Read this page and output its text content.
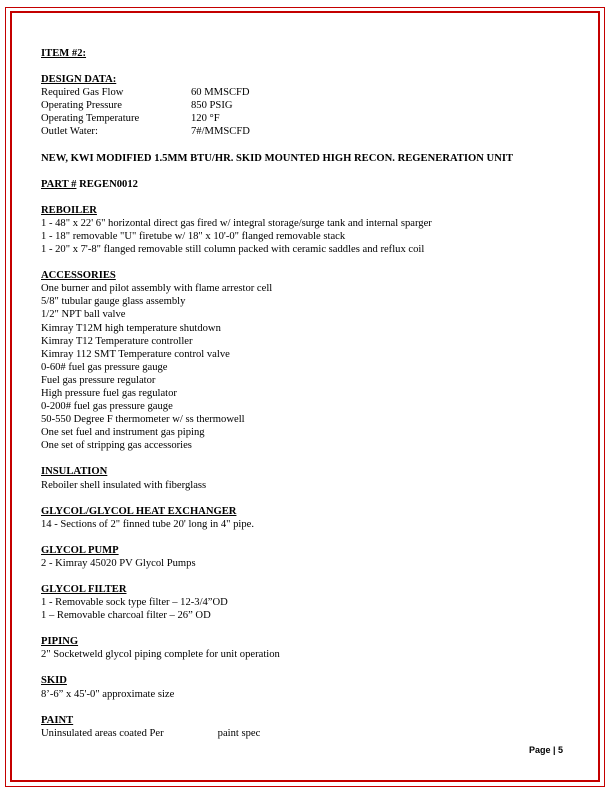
ITEM #2:
DESIGN DATA:
Required Gas Flow	60 MMSCFD
Operating Pressure	850 PSIG
Operating Temperature	120 °F
Outlet Water:	7#/MMSCFD
NEW, KWI MODIFIED 1.5MM BTU/HR. SKID MOUNTED HIGH RECON. REGENERATION UNIT
PART # REGEN0012
REBOILER
1 - 48" x 22' 6" horizontal direct gas fired w/ integral storage/surge tank and internal sparger
1 - 18" removable "U" firetube w/ 18" x 10'-0" flanged removable stack
1 - 20" x 7'-8" flanged removable still column packed with ceramic saddles and reflux coil
ACCESSORIES
One burner and pilot assembly with flame arrestor cell
5/8" tubular gauge glass assembly
1/2" NPT ball valve
Kimray T12M high temperature shutdown
Kimray T12 Temperature controller
Kimray 112 SMT Temperature control valve
0-60# fuel gas pressure gauge
Fuel gas pressure regulator
High pressure fuel gas regulator
0-200# fuel gas pressure gauge
50-550 Degree F thermometer w/ ss thermowell
One set fuel and instrument gas piping
One set of stripping gas accessories
INSULATION
Reboiler shell insulated with fiberglass
GLYCOL/GLYCOL HEAT EXCHANGER
14 - Sections of 2" finned tube 20' long in 4" pipe.
GLYCOL PUMP
2 - Kimray 45020 PV Glycol Pumps
GLYCOL FILTER
1 - Removable sock type filter – 12-3/4”OD
1 – Removable charcoal filter – 26” OD
PIPING
2" Socketweld glycol piping complete for unit operation
SKID
8’-6” x 45'-0" approximate size
PAINT
Uninsulated areas coated Per	paint spec
Page | 5
